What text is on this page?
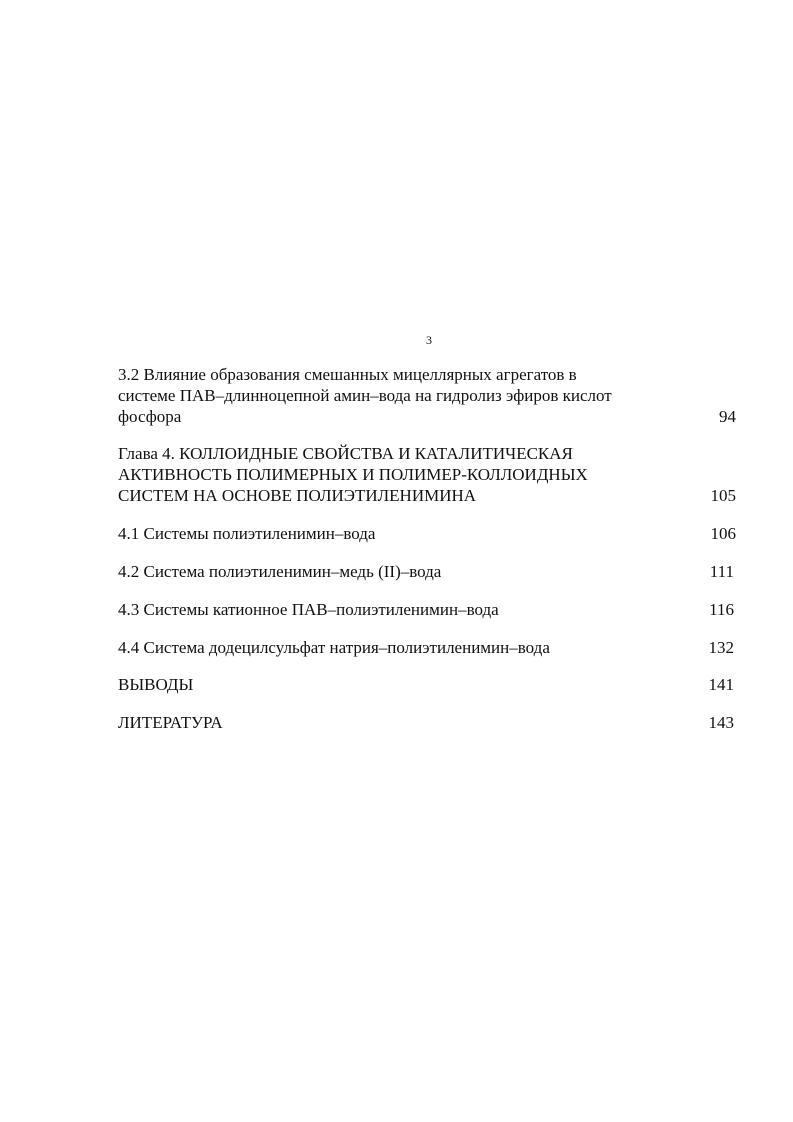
3
3.2 Влияние образования смешанных мицеллярных агрегатов в
системе ПАВ–длинноцепной амин–вода на гидролиз эфиров кислот
фосфора	94
Глава 4. КОЛЛОИДНЫЕ СВОЙСТВА И КАТАЛИТИЧЕСКАЯ
АКТИВНОСТЬ ПОЛИМЕРНЫХ И ПОЛИМЕР-КОЛЛОИДНЫХ
СИСТЕМ НА ОСНОВЕ ПОЛИЭТИЛЕНИМИНА	105
4.1 Системы полиэтиленимин–вода	106
4.2 Система полиэтиленимин–медь (II)–вода	111
4.3 Системы катионное ПАВ–полиэтиленимин–вода	116
4.4 Система додецилсульфат натрия–полиэтиленимин–вода	132
ВЫВОДЫ	141
ЛИТЕРАТУРА	143
